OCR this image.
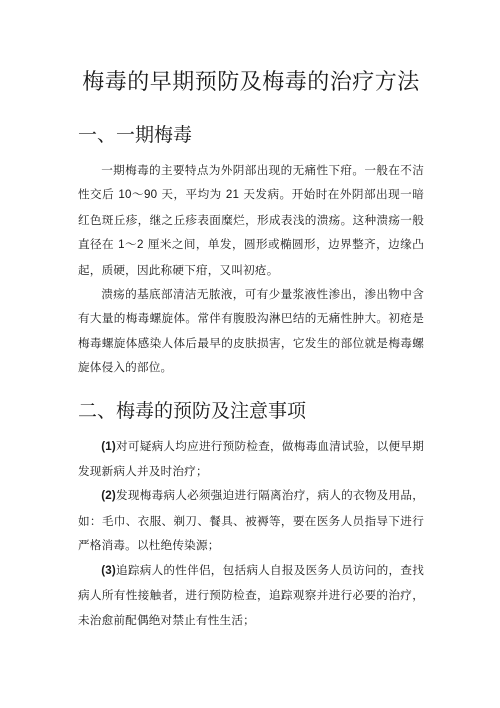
梅毒的早期预防及梅毒的治疗方法
一、一期梅毒

一期梅毒的主要特点为外阴部出现的无痛性下疳。一般在不洁性交后 10～90 天，平均为 21 天发病。开始时在外阴部出现一暗红色斑丘疹，继之丘疹表面糜烂，形成表浅的溃疡。这种溃疡一般直径在 1～2 厘米之间，单发，圆形或椭圆形，边界整齐，边缘凸起，质硬，因此称硬下疳，又叫初疮。

溃疡的基底部清洁无脓液，可有少量浆液性渗出，渗出物中含有大量的梅毒螺旋体。常伴有腹股沟淋巴结的无痛性肿大。初疮是梅毒螺旋体感染人体后最早的皮肤损害，它发生的部位就是梅毒螺旋体侵入的部位。

二、梅毒的预防及注意事项

(1)对可疑病人均应进行预防检查，做梅毒血清试验，以便早期发现新病人并及时治疗；

(2)发现梅毒病人必须强迫进行隔离治疗，病人的衣物及用品，如：毛巾、衣服、剃刀、餐具、被褥等，要在医务人员指导下进行严格消毒。以杜绝传染源；

(3)追踪病人的性伴侣，包括病人自报及医务人员访问的，查找病人所有性接触者，进行预防检查，追踪观察并进行必要的治疗，未治愈前配偶绝对禁止有性生活；
